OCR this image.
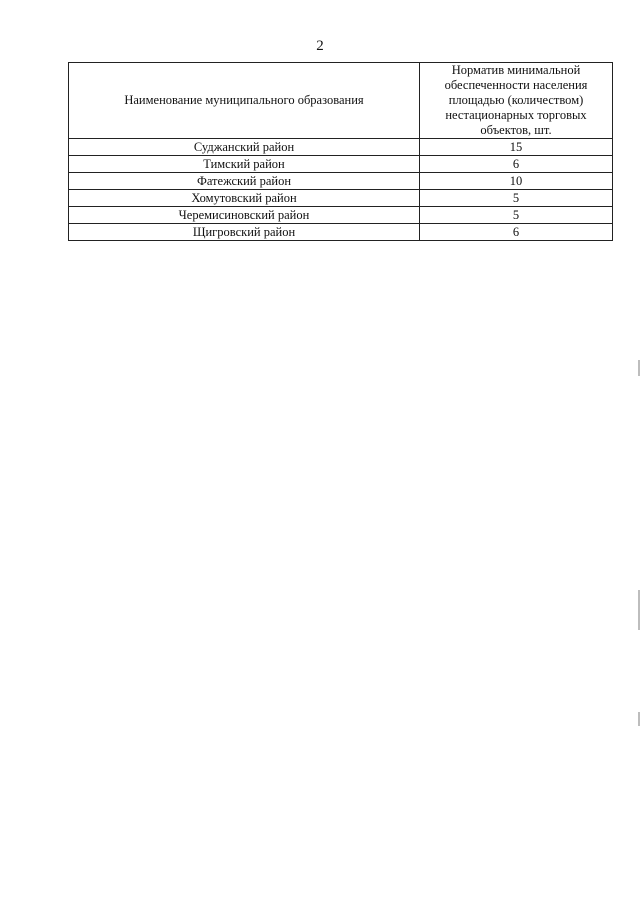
2
Наименование муниципального образования	Норматив минимальной обеспеченности населения площадью (количеством) нестационарных торговых объектов, шт.
Суджанский район	15
Тимский район	6
Фатежский район	10
Хомутовский район	5
Черемисиновский район	5
Щигровский район	6
